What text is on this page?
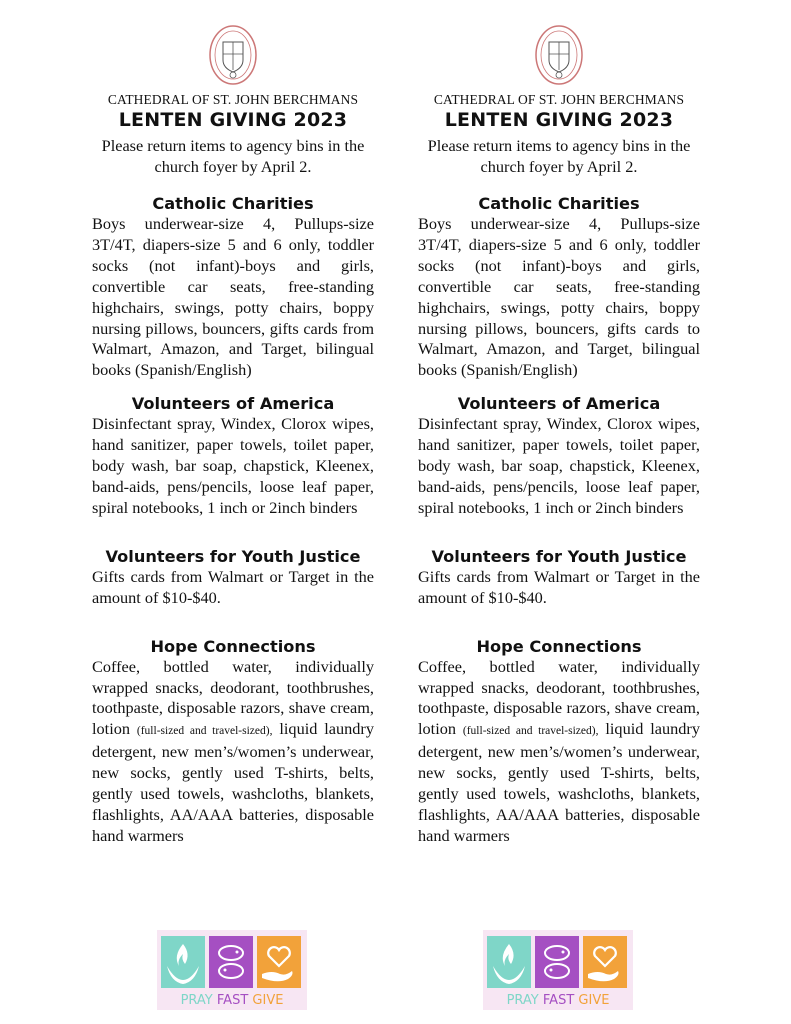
CATHEDRAL OF ST. JOHN BERCHMANS
LENTEN GIVING 2023
Please return items to agency bins in the church foyer by April 2.
Catholic Charities
Boys underwear-size 4, Pullups-size 3T/4T, diapers-size 5 and 6 only, toddler socks (not infant)-boys and girls, convertible car seats, free-standing highchairs, swings, potty chairs, boppy nursing pillows, bouncers, gifts cards from Walmart, Amazon, and Target, bilingual books (Spanish/English)
Volunteers of America
Disinfectant spray, Windex, Clorox wipes, hand sanitizer, paper towels, toilet paper, body wash, bar soap, chapstick, Kleenex, band-aids, pens/pencils, loose leaf paper, spiral notebooks, 1 inch or 2inch binders
Volunteers for Youth Justice
Gifts cards from Walmart or Target in the amount of $10-$40.
Hope Connections
Coffee, bottled water, individually wrapped snacks, deodorant, toothbrushes, toothpaste, disposable razors, shave cream, lotion (full-sized and travel-sized), liquid laundry detergent, new men’s/women’s underwear, new socks, gently used T-shirts, belts, gently used towels, washcloths, blankets, flashlights, AA/AAA batteries, disposable hand warmers
CATHEDRAL OF ST. JOHN BERCHMANS
LENTEN GIVING 2023
Please return items to agency bins in the church foyer by April 2.
Catholic Charities
Boys underwear-size 4, Pullups-size 3T/4T, diapers-size 5 and 6 only, toddler socks (not infant)-boys and girls, convertible car seats, free-standing highchairs, swings, potty chairs, boppy nursing pillows, bouncers, gifts cards to Walmart, Amazon, and Target, bilingual books (Spanish/English)
Volunteers of America
Disinfectant spray, Windex, Clorox wipes, hand sanitizer, paper towels, toilet paper, body wash, bar soap, chapstick, Kleenex, band-aids, pens/pencils, loose leaf paper, spiral notebooks, 1 inch or 2inch binders
Volunteers for Youth Justice
Gifts cards from Walmart or Target in the amount of $10-$40.
Hope Connections
Coffee, bottled water, individually wrapped snacks, deodorant, toothbrushes, toothpaste, disposable razors, shave cream, lotion (full-sized and travel-sized), liquid laundry detergent, new men’s/women’s underwear, new socks, gently used T-shirts, belts, gently used towels, washcloths, blankets, flashlights, AA/AAA batteries, disposable hand warmers
PRAY FAST GIVE	PRAY FAST GIVE
